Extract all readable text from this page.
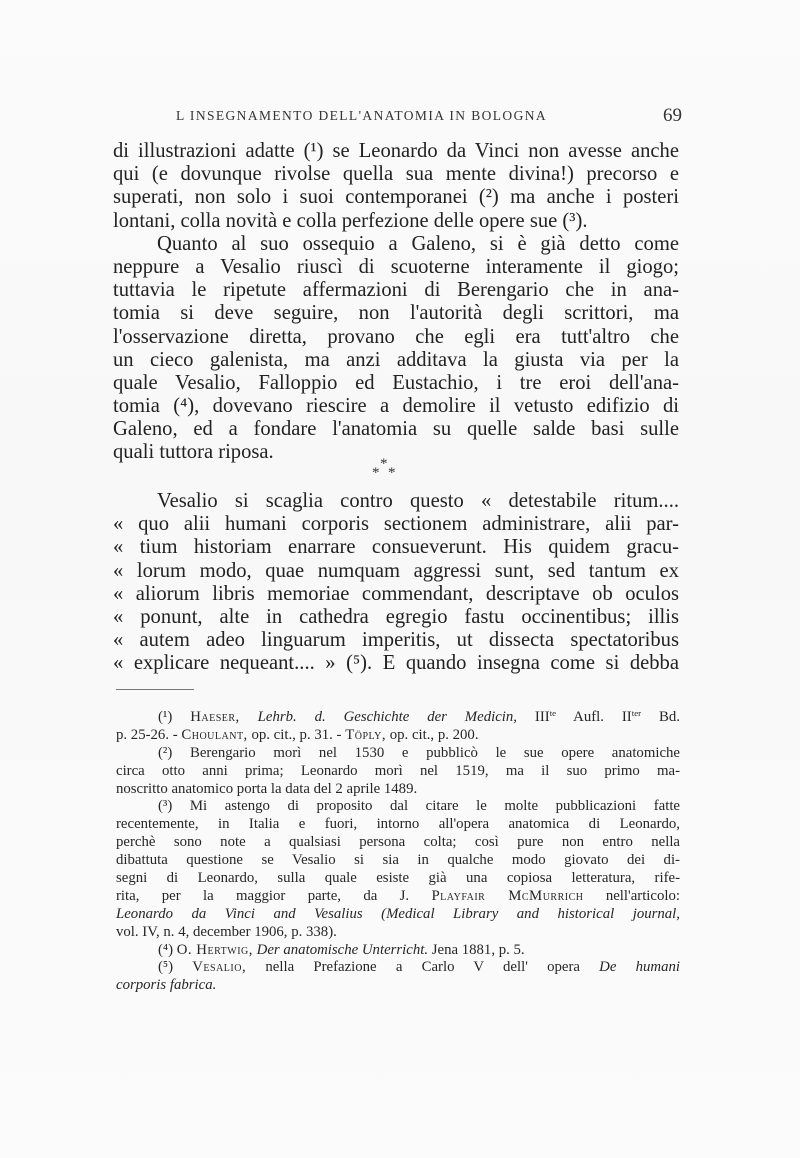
L INSEGNAMENTO DELL'ANATOMIA IN BOLOGNA	69
di illustrazioni adatte (¹) se Leonardo da Vinci non avesse anche
qui (e dovunque rivolse quella sua mente divina!) precorso e
superati, non solo i suoi contemporanei (²) ma anche i posteri
lontani, colla novità e colla perfezione delle opere sue (³).
Quanto al suo ossequio a Galeno, si è già detto come
neppure a Vesalio riuscì di scuoterne interamente il giogo;
tuttavia le ripetute affermazioni di Berengario che in ana-
tomia si deve seguire, non l'autorità degli scrittori, ma
l'osservazione diretta, provano che egli era tutt'altro che
un cieco galenista, ma anzi additava la giusta via per la
quale Vesalio, Falloppio ed Eustachio, i tre eroi dell'ana-
tomia (⁴), dovevano riescire a demolire il vetusto edifizio di
Galeno, ed a fondare l'anatomia su quelle salde basi sulle
quali tuttora riposa.
*
* *
Vesalio si scaglia contro questo « detestabile ritum....
« quo alii humani corporis sectionem administrare, alii par-
« tium historiam enarrare consueverunt. His quidem gracu-
« lorum modo, quae numquam aggressi sunt, sed tantum ex
« aliorum libris memoriae commendant, descriptave ob oculos
« ponunt, alte in cathedra egregio fastu occinentibus; illis
« autem adeo linguarum imperitis, ut dissecta spectatoribus
« explicare nequeant.... » (⁵). E quando insegna come si debba
(¹) Haeser, Lehrb. d. Geschichte der Medicin, $III^{te}$ Aufl. $II^{ter}$ Bd.
p. 25-26. - Choulant, op. cit., p. 31. - Töply, op. cit., p. 200.
(²) Berengario morì nel 1530 e pubblicò le sue opere anatomiche
circa otto anni prima; Leonardo morì nel 1519, ma il suo primo ma-
noscritto anatomico porta la data del 2 aprile 1489.
(³) Mi astengo di proposito dal citare le molte pubblicazioni fatte
recentemente, in Italia e fuori, intorno all'opera anatomica di Leonardo,
perchè sono note a qualsiasi persona colta; così pure non entro nella
dibattuta questione se Vesalio si sia in qualche modo giovato dei di-
segni di Leonardo, sulla quale esiste già una copiosa letteratura, rife-
rita, per la maggior parte, da J. Playfair McMurrich nell'articolo:
Leonardo da Vinci and Vesalius (Medical Library and historical journal,
vol. IV, n. 4, december 1906, p. 338).
(⁴) O. Hertwig, Der anatomische Unterricht. Jena 1881, p. 5.
(⁵) Vesalio, nella Prefazione a Carlo V dell' opera De humani
corporis fabrica.
